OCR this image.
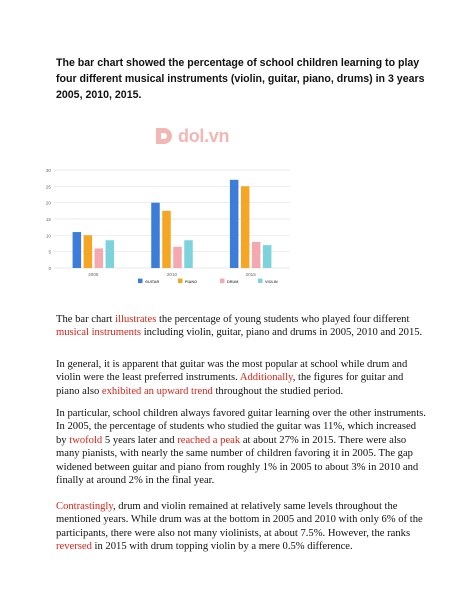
The bar chart showed the percentage of school children learning to play four different musical instruments (violin, guitar, piano, drums) in 3 years 2005, 2010, 2015.
dol.vn
0
5
10
15
20
25
30
2005	2010	2015
GUITAR	PIANO	DRUM	VIOLIN
The bar chart illustrates the percentage of young students who played four different musical instruments including violin, guitar, piano and drums in 2005, 2010 and 2015.
In general, it is apparent that guitar was the most popular at school while drum and violin were the least preferred instruments. Additionally, the figures for guitar and piano also exhibited an upward trend throughout the studied period.
In particular, school children always favored guitar learning over the other instruments. In 2005, the percentage of students who studied the guitar was 11%, which increased by twofold 5 years later and reached a peak at about 27% in 2015. There were also many pianists, with nearly the same number of children favoring it in 2005. The gap widened between guitar and piano from roughly 1% in 2005 to about 3% in 2010 and finally at around 2% in the final year.
Contrastingly, drum and violin remained at relatively same levels throughout the mentioned years. While drum was at the bottom in 2005 and 2010 with only 6% of the participants, there were also not many violinists, at about 7.5%. However, the ranks reversed in 2015 with drum topping violin by a mere 0.5% difference.
